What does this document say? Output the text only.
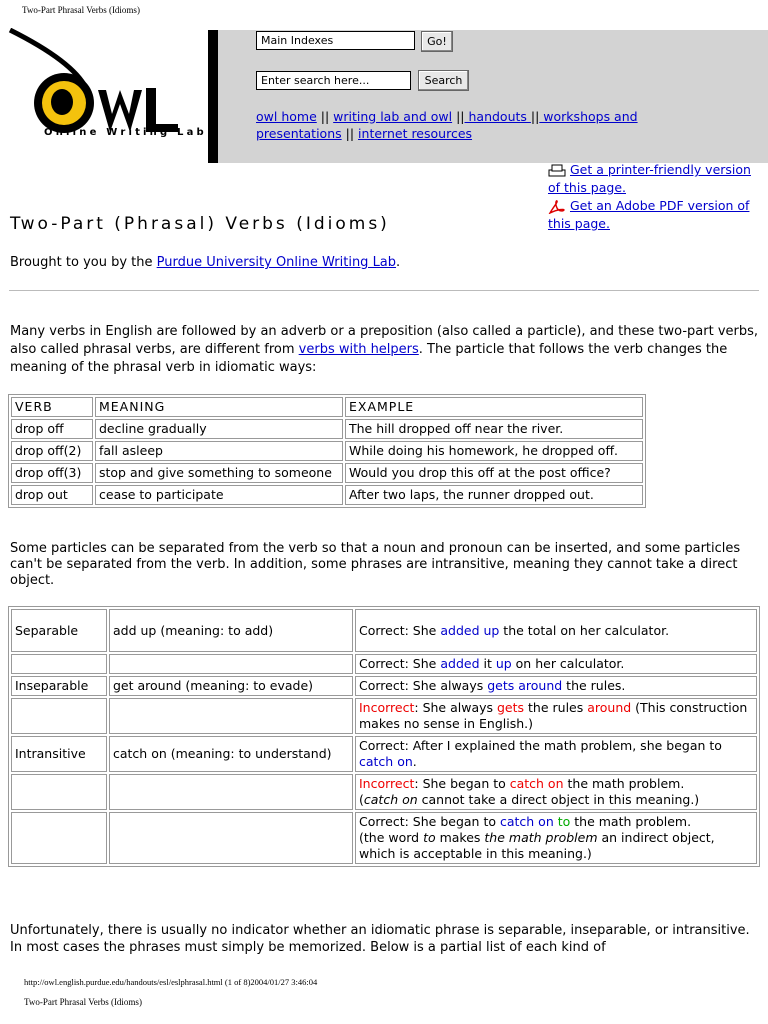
Two-Part Phrasal Verbs (Idioms)
Online Writing Lab
Main Indexes	Go!
Enter search here...	Search
owl home || writing lab and owl || handouts || workshops and presentations || internet resources
Get a printer-friendly version of this page.
Get an Adobe PDF version of this page.
Two-Part (Phrasal) Verbs (Idioms)
Brought to you by the Purdue University Online Writing Lab.
Many verbs in English are followed by an adverb or a preposition (also called a particle), and these two-part verbs, also called phrasal verbs, are different from verbs with helpers. The particle that follows the verb changes the meaning of the phrasal verb in idiomatic ways:
VERB	MEANING	EXAMPLE
drop off	decline gradually	The hill dropped off near the river.
drop off(2)	fall asleep	While doing his homework, he dropped off.
drop off(3)	stop and give something to someone	Would you drop this off at the post office?
drop out	cease to participate	After two laps, the runner dropped out.
Some particles can be separated from the verb so that a noun and pronoun can be inserted, and some particles can't be separated from the verb. In addition, some phrases are intransitive, meaning they cannot take a direct object.
Separable	add up (meaning: to add)	Correct: She added up the total on her calculator.
		Correct: She added it up on her calculator.
Inseparable	get around (meaning: to evade)	Correct: She always gets around the rules.
		Incorrect: She always gets the rules around (This construction makes no sense in English.)
Intransitive	catch on (meaning: to understand)	Correct: After I explained the math problem, she began to catch on.
		Incorrect: She began to catch on the math problem.
(catch on cannot take a direct object in this meaning.)
		Correct: She began to catch on to the math problem.
(the word to makes the math problem an indirect object, which is acceptable in this meaning.)
Unfortunately, there is usually no indicator whether an idiomatic phrase is separable, inseparable, or intransitive. In most cases the phrases must simply be memorized. Below is a partial list of each kind of
http://owl.english.purdue.edu/handouts/esl/eslphrasal.html (1 of 8)2004/01/27 3:46:04
Two-Part Phrasal Verbs (Idioms)
